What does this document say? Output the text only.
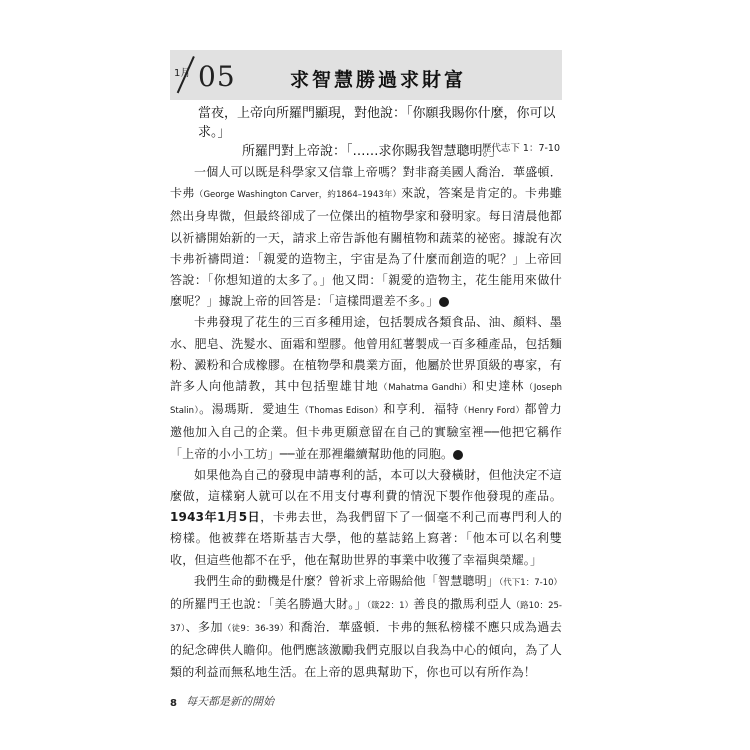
1月 05	求智慧勝過求財富
當夜，上帝向所羅門顯現，對他說：「你願我賜你什麼，你可以求。」
所羅門對上帝說：「……求你賜我智慧聰明。」
歷代志下 1：7-10

一個人可以既是科學家又信靠上帝嗎？對非裔美國人喬治．華盛頓．卡弗（George Washington Carver，約1864–1943年）來說，答案是肯定的。卡弗雖然出身卑微，但最終卻成了一位傑出的植物學家和發明家。每日清晨他都以祈禱開始新的一天，請求上帝告訴他有關植物和蔬菜的祕密。據說有次卡弗祈禱問道：「親愛的造物主，宇宙是為了什麼而創造的呢？」上帝回答說：「你想知道的太多了。」他又問：「親愛的造物主，花生能用來做什麼呢？」據說上帝的回答是：「這樣問還差不多。」	10

卡弗發現了花生的三百多種用途，包括製成各類食品、油、顏料、墨水、肥皂、洗髮水、面霜和塑膠。他曾用紅薯製成一百多種產品，包括麵粉、澱粉和合成橡膠。在植物學和農業方面，他屬於世界頂級的專家，有許多人向他請教，其中包括聖雄甘地（Mahatma Gandhi）和史達林（Joseph Stalin）。湯瑪斯．愛迪生（Thomas Edison）和亨利．福特（Henry Ford）都曾力邀他加入自己的企業。但卡弗更願意留在自己的實驗室裡──他把它稱作「上帝的小小工坊」──並在那裡繼續幫助他的同胞。	11

如果他為自己的發現申請專利的話，本可以大發橫財，但他決定不這麼做，這樣窮人就可以在不用支付專利費的情況下製作他發現的產品。1943年1月5日，卡弗去世，為我們留下了一個毫不利己而專門利人的榜樣。他被葬在塔斯基吉大學，他的墓誌銘上寫著：「他本可以名利雙收，但這些他都不在乎，他在幫助世界的事業中收獲了幸福與榮耀。」

我們生命的動機是什麼？曾祈求上帝賜給他「智慧聰明」（代下1：7-10）的所羅門王也說：「美名勝過大財。」（箴22：1）善良的撒馬利亞人（路10：25-37）、多加（徒9：36-39）和喬治．華盛頓．卡弗的無私榜樣不應只成為過去的紀念碑供人瞻仰。他們應該激勵我們克服以自我為中心的傾向，為了人類的利益而無私地生活。在上帝的恩典幫助下，你也可以有所作為！

8 每天都是新的開始
